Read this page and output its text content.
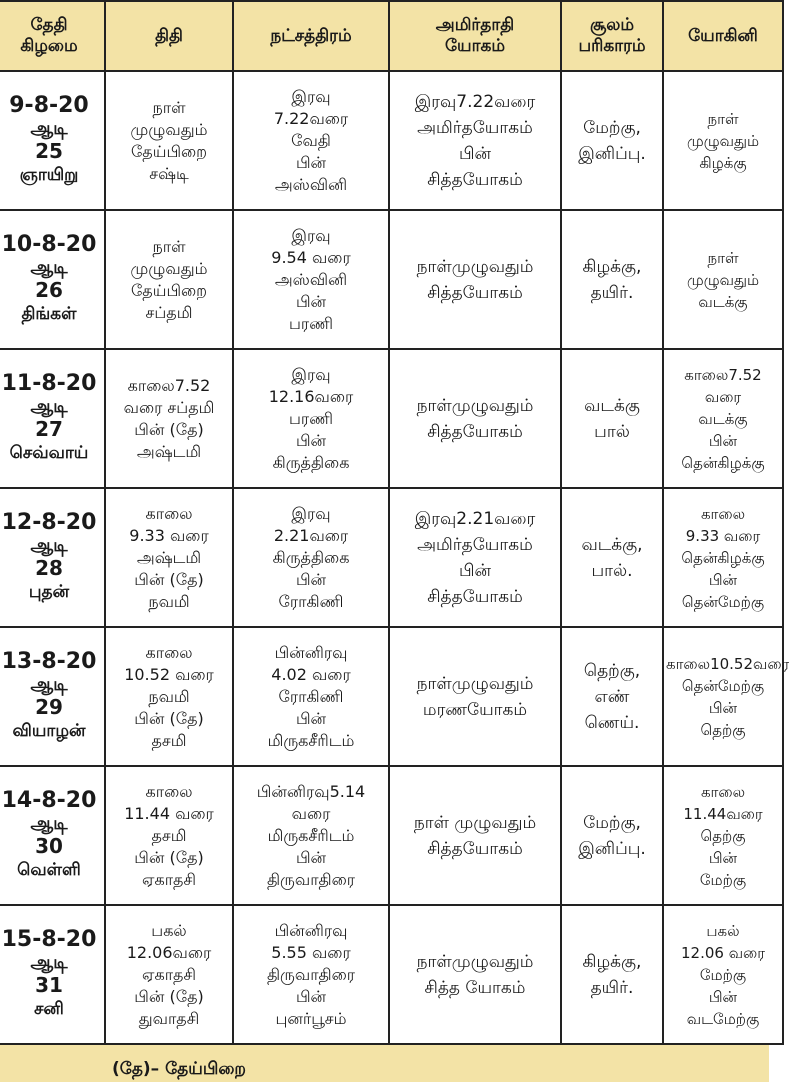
தேதி
கிழமை	திதி	நட்சத்திரம்	அமிர்தாதி
யோகம்	சூலம்
பரிகாரம்	யோகினி

9-8-20
ஆடி
25
ஞாயிறு	நாள்
முழுவதும்
தேய்பிறை
சஷ்டி	இரவு
7.22வரை
வேதி
பின்
அஸ்வினி	இரவு7.22வரை
அமிர்தயோகம்
பின்
சித்தயோகம்	மேற்கு,
இனிப்பு.	நாள்
முழுவதும்
கிழக்கு

10-8-20
ஆடி
26
திங்கள்	நாள்
முழுவதும்
தேய்பிறை
சப்தமி	இரவு
9.54 வரை
அஸ்வினி
பின்
பரணி	நாள்முழுவதும்
சித்தயோகம்	கிழக்கு,
தயிர்.	நாள்
முழுவதும்
வடக்கு

11-8-20
ஆடி
27
செவ்வாய்	காலை7.52
வரை சப்தமி
பின் (தே)
அஷ்டமி	இரவு
12.16வரை
பரணி
பின்
கிருத்திகை	நாள்முழுவதும்
சித்தயோகம்	வடக்கு
பால்	காலை7.52
வரை
வடக்கு
பின்
தென்கிழக்கு

12-8-20
ஆடி
28
புதன்	காலை
9.33 வரை
அஷ்டமி
பின் (தே)
நவமி	இரவு
2.21வரை
கிருத்திகை
பின்
ரோகிணி	இரவு2.21வரை
அமிர்தயோகம்
பின்
சித்தயோகம்	வடக்கு,
பால்.	காலை
9.33 வரை
தென்கிழக்கு
பின்
தென்மேற்கு

13-8-20
ஆடி
29
வியாழன்	காலை
10.52 வரை
நவமி
பின் (தே)
தசமி	பின்னிரவு
4.02 வரை
ரோகிணி
பின்
மிருகசீரிடம்	நாள்முழுவதும்
மரணயோகம்	தெற்கு,
எண்
ணெய்.	காலை10.52வரை
தென்மேற்கு
பின்
தெற்கு

14-8-20
ஆடி
30
வெள்ளி	காலை
11.44 வரை
தசமி
பின் (தே)
ஏகாதசி	பின்னிரவு5.14
வரை
மிருகசீரிடம்
பின்
திருவாதிரை	நாள் முழுவதும்
சித்தயோகம்	மேற்கு,
இனிப்பு.	காலை
11.44வரை
தெற்கு
பின்
மேற்கு

15-8-20
ஆடி
31
சனி	பகல்
12.06வரை
ஏகாதசி
பின் (தே)
துவாதசி	பின்னிரவு
5.55 வரை
திருவாதிரை
பின்
புனர்பூசம்	நாள்முழுவதும்
சித்த யோகம்	கிழக்கு,
தயிர்.	பகல்
12.06 வரை
மேற்கு
பின்
வடமேற்கு
(தே)– தேய்பிறை
